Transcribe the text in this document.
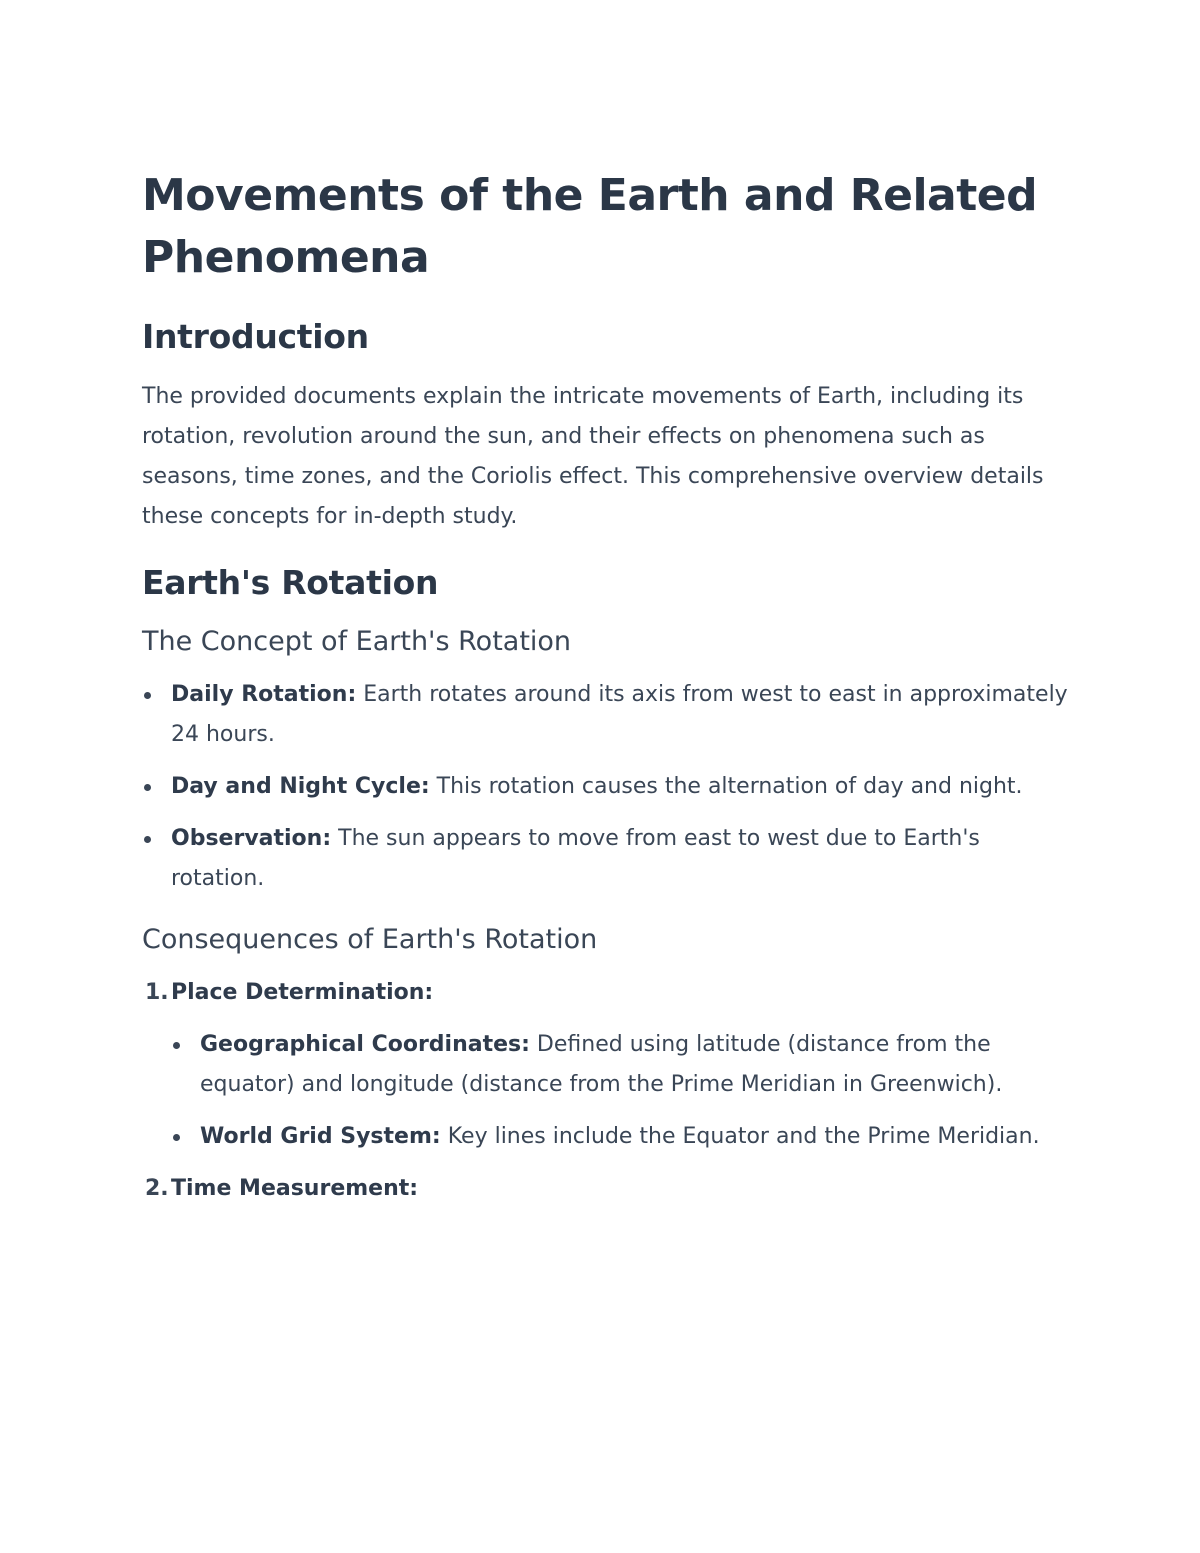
Movements of the Earth and Related Phenomena
Introduction

The provided documents explain the intricate movements of Earth, including its rotation, revolution around the sun, and their effects on phenomena such as seasons, time zones, and the Coriolis effect. This comprehensive overview details these concepts for in-depth study.

Earth's Rotation
The Concept of Earth's Rotation
Daily Rotation: Earth rotates around its axis from west to east in approximately 24 hours.
Day and Night Cycle: This rotation causes the alternation of day and night.
Observation: The sun appears to move from east to west due to Earth's rotation.
Consequences of Earth's Rotation
1. Place Determination:
Geographical Coordinates: Defined using latitude (distance from the equator) and longitude (distance from the Prime Meridian in Greenwich).
World Grid System: Key lines include the Equator and the Prime Meridian.
2. Time Measurement:
